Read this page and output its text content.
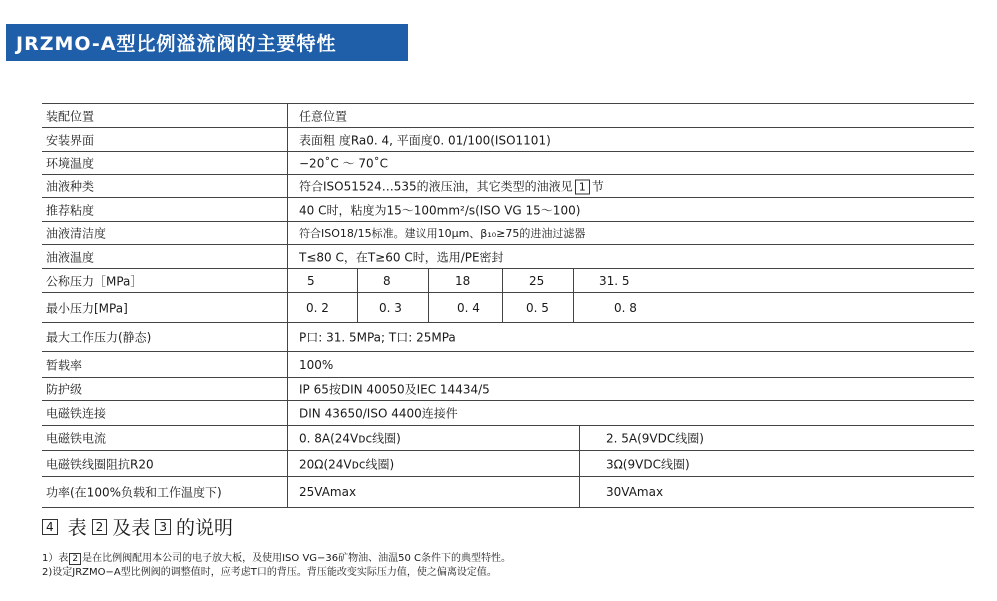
JRZMO-A型比例溢流阀的主要特性
装配位置	任意位置
安装界面	表面粗 度Ra0. 4, 平面度0. 01/100(ISO1101)
环境温度	−20˚C ～ 70˚C
油液种类	符合ISO51524…535的液压油，其它类型的油液见 1 节
推荐粘度	40 C时，粘度为15～100mm²/s(ISO VG 15～100)
油液清洁度	符合ISO18/15标准。建议用10μm、β₁₀≥75的进油过滤器
油液温度	T≤80 C，在T≥60 C时，选用/PE密封
公称压力［MPa］	5	8	18	25	31. 5
最小压力[MPa]	0. 2	0. 3	0. 4	0. 5	0. 8
最大工作压力(静态)	P口: 31. 5MPa; T口: 25MPa
暂载率	100%
防护级	IP 65按DIN 40050及IEC 14434/5
电磁铁连接	DIN 43650/ISO 4400连接件
电磁铁电流	0. 8A(24Vᴅᴄ线圈)	2. 5A(9VDC线圈)
电磁铁线圈阻抗R20	20Ω(24Vᴅᴄ线圈)	3Ω(9VDC线圈)
功率(在100%负载和工作温度下)	25VAmax	30VAmax
4 表 2 及表 3 的说明
1）表 2 是在比例阀配用本公司的电子放大板，及使用ISO VG−36矿物油、油温50 C条件下的典型特性。
2)设定JRZMO−A型比例阀的调整值时，应考虑T口的背压。背压能改变实际压力值，使之偏离设定值。
